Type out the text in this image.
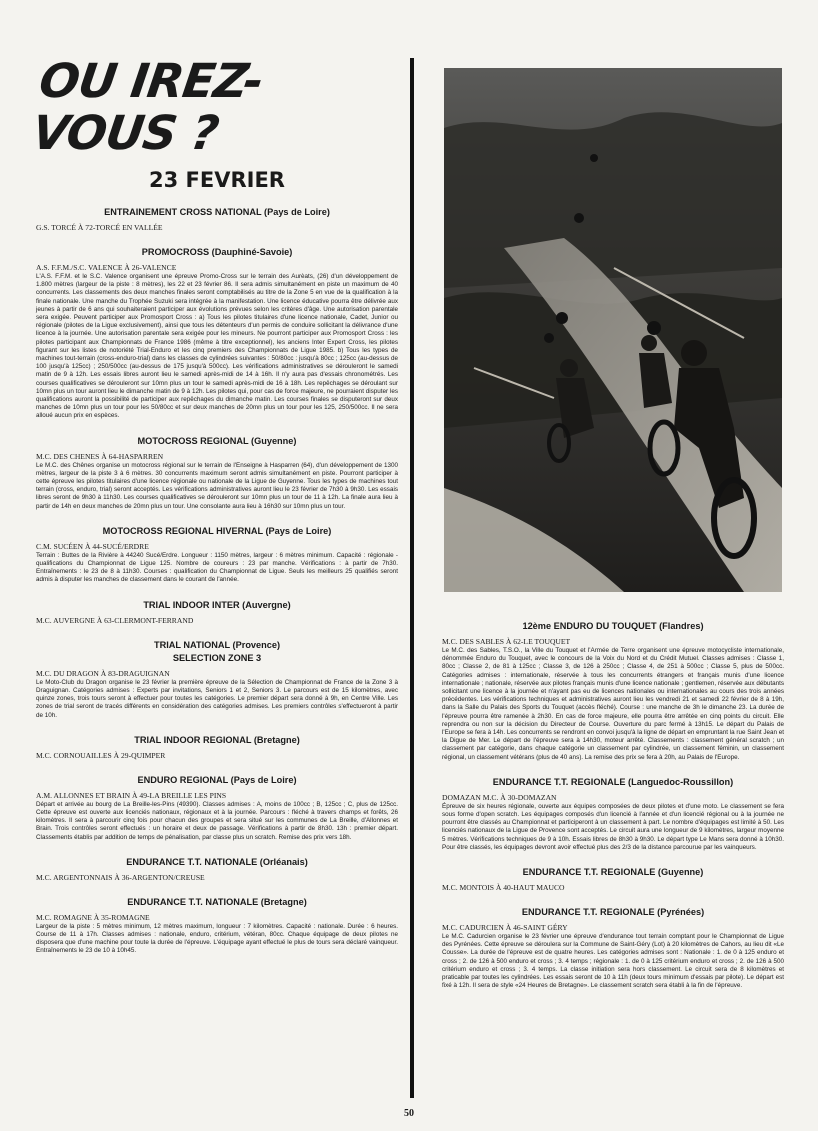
OU IREZ-VOUS ?
23 FEVRIER
ENTRAINEMENT CROSS NATIONAL (Pays de Loire)
G.S. TORCÉ À 72-TORCÉ EN VALLÉE
PROMOCROSS (Dauphiné-Savoie)
A.S. F.F.M./S.C. VALENCE À 26-VALENCE

L'A.S. F.F.M. et le S.C. Valence organisent une épreuve Promo-Cross sur le terrain des Aurèats, (26) d'un développement de 1.800 mètres (largeur de la piste : 8 mètres), les 22 et 23 février 86. Il sera admis simultanément en piste un maximum de 40 concurrents. Les classements des deux manches finales seront comptabilisés au titre de la Zone 5 en vue de la qualification à la finale nationale. Une manche du Trophée Suzuki sera intégrée à la manifestation. Une licence éducative pourra être délivrée aux jeunes à partir de 6 ans qui souhaiteraient participer aux évolutions prévues selon les critères d'âge. Une autorisation parentale sera exigée. Peuvent participer aux Promosport Cross : a) Tous les pilotes titulaires d'une licence nationale, Cadet, Junior ou régionale (pilotes de la Ligue exclusivement), ainsi que tous les détenteurs d'un permis de conduire sollicitant la délivrance d'une licence à la journée. Une autorisation parentale sera exigée pour les mineurs. Ne pourront participer aux Promosport Cross : les pilotes participant aux Championnats de France 1986 (même à titre exceptionnel), les anciens Inter Expert Cross, les pilotes figurant sur les listes de notoriété Trial-Enduro et les cinq premiers des Championnats de Ligue 1985. b) Tous les types de machines tout-terrain (cross-enduro-trial) dans les classes de cylindrées suivantes : 50/80cc : jusqu'à 80cc ; 125cc (au-dessus de 100 jusqu'à 125cc) ; 250/500cc (au-dessus de 175 jusqu'à 500cc). Les vérifications administratives se dérouleront le samedi matin de 9 à 12h. Les essais libres auront lieu le samedi après-midi de 14 à 16h. Il n'y aura pas d'essais chronométrés. Les courses qualificatives se dérouleront sur 10mn plus un tour le samedi après-midi de 16 à 18h. Les repêchages se déroulant sur 10mn plus un tour auront lieu le dimanche matin de 9 à 12h. Les pilotes qui, pour cas de force majeure, ne pourraient disputer les qualifications auront la possibilité de participer aux repêchages du dimanche matin. Les courses finales se disputeront sur deux manches de 10mn plus un tour pour les 50/80cc et sur deux manches de 20mn plus un tour pour les 125, 250/500cc. Il ne sera alloué aucun prix en espèces.

MOTOCROSS REGIONAL (Guyenne)
M.C. DES CHENES À 64-HASPARREN

Le M.C. des Chênes organise un motocross régional sur le terrain de l'Enseigne à Hasparren (64), d'un développement de 1300 mètres, largeur de la piste 3 à 6 mètres. 30 concurrents maximum seront admis simultanément en piste. Pourront participer à cette épreuve les pilotes titulaires d'une licence régionale ou nationale de la Ligue de Guyenne. Tous les types de machines tout terrain (cross, enduro, trial) seront acceptés. Les vérifications administratives auront lieu le 23 février de 7h30 à 9h30. Les essais libres seront de 9h30 à 11h30. Les courses qualificatives se dérouleront sur 10mn plus un tour de 11 à 12h. La finale aura lieu à partir de 14h en deux manches de 20mn plus un tour. Une consolante aura lieu à 16h30 sur 10mn plus un tour.

MOTOCROSS REGIONAL HIVERNAL (Pays de Loire)
C.M. SUCÉEN À 44-SUCÉ/ERDRE

Terrain : Buttes de la Rivière à 44240 Sucé/Erdre. Longueur : 1150 mètres, largeur : 6 mètres minimum. Capacité : régionale - qualifications du Championnat de Ligue 125. Nombre de coureurs : 23 par manche. Vérifications : à partir de 7h30. Entraînements : le 23 de 8 à 11h30. Courses : qualification du Championnat de Ligue. Seuls les meilleurs 25 qualifiés seront admis à disputer les manches de classement dans le courant de l'année.

TRIAL INDOOR INTER (Auvergne)
M.C. AUVERGNE À 63-CLERMONT-FERRAND
TRIAL NATIONAL (Provence)
SELECTION ZONE 3
M.C. DU DRAGON À 83-DRAGUIGNAN

Le Moto-Club du Dragon organise le 23 février la première épreuve de la Sélection de Championnat de France de la Zone 3 à Draguignan. Catégories admises : Experts par invitations, Seniors 1 et 2, Seniors 3. Le parcours est de 15 kilomètres, avec quinze zones, trois tours seront à effectuer pour toutes les catégories. Le premier départ sera donné à 9h, en Centre Ville. Les zones de trial seront de tracés différents en considération des catégories admises. Les premiers contrôles s'effectueront à partir de 10h.

TRIAL INDOOR REGIONAL (Bretagne)
M.C. CORNOUAILLES À 29-QUIMPER
ENDURO REGIONAL (Pays de Loire)
A.M. ALLONNES ET BRAIN À 49-LA BREILLE LES PINS

Départ et arrivée au bourg de La Breille-les-Pins (49390). Classes admises : A, moins de 100cc ; B, 125cc ; C, plus de 125cc. Cette épreuve est ouverte aux licenciés nationaux, régionaux et à la journée. Parcours : fléché à travers champs et forêts, 26 kilomètres. Il sera à parcourir cinq fois pour chacun des groupes et sera situé sur les communes de La Breille, d'Allonnes et Brain. Trois contrôles seront effectués : un horaire et deux de passage. Vérifications à partir de 8h30. 13h : premier départ. Classements établis par addition de temps de pénalisation, par classe plus un scratch. Remise des prix vers 18h.

ENDURANCE T.T. NATIONALE (Orléanais)
M.C. ARGENTONNAIS À 36-ARGENTON/CREUSE
ENDURANCE T.T. NATIONALE (Bretagne)
M.C. ROMAGNE À 35-ROMAGNE

Largeur de la piste : 5 mètres minimum, 12 mètres maximum, longueur : 7 kilomètres. Capacité : nationale. Durée : 6 heures. Course de 11 à 17h. Classes admises : nationale, enduro, critérium, vétéran, 80cc. Chaque équipage de deux pilotes ne disposera que d'une machine pour toute la durée de l'épreuve. L'équipage ayant effectué le plus de tours sera déclaré vainqueur. Entraînements le 23 de 10 à 10h45.

12ème ENDURO DU TOUQUET (Flandres)
M.C. DES SABLES À 62-LE TOUQUET

Le M.C. des Sables, T.S.O., la Ville du Touquet et l'Armée de Terre organisent une épreuve motocycliste internationale, dénommée Enduro du Touquet, avec le concours de la Voix du Nord et du Crédit Mutuel. Classes admises : Classe 1, 80cc ; Classe 2, de 81 à 125cc ; Classe 3, de 126 à 250cc ; Classe 4, de 251 à 500cc ; Classe 5, plus de 500cc. Catégories admises : internationale, réservée à tous les concurrents étrangers et français munis d'une licence internationale ; nationale, réservée aux pilotes français munis d'une licence nationale ; gentlemen, réservée aux débutants sollicitant une licence à la journée et n'ayant pas eu de licences nationales ou internationales au cours des trois années précédentes. Les vérifications techniques et administratives auront lieu les vendredi 21 et samedi 22 février de 8 à 19h, dans la Salle du Palais des Sports du Touquet (accès fléché). Course : une manche de 3h le dimanche 23. La durée de l'épreuve pourra être ramenée à 2h30. En cas de force majeure, elle pourra être arrêtée en cinq points du circuit. Elle reprendra ou non sur la décision du Directeur de Course. Ouverture du parc fermé à 13h15. Le départ du Palais de l'Europe se fera à 14h. Les concurrents se rendront en convoi jusqu'à la ligne de départ en empruntant la rue Saint Jean et la Digue de Mer. Le départ de l'épreuve sera à 14h30, moteur arrêté. Classements : classement général scratch ; un classement par catégorie, dans chaque catégorie un classement par cylindrée, un classement féminin, un classement régional, un classement vétérans (plus de 40 ans). La remise des prix se fera à 20h, au Palais de l'Europe.

ENDURANCE T.T. REGIONALE (Languedoc-Roussillon)
DOMAZAN M.C. À 30-DOMAZAN

Épreuve de six heures régionale, ouverte aux équipes composées de deux pilotes et d'une moto. Le classement se fera sous forme d'open scratch. Les équipages composés d'un licencié à l'année et d'un licencié régional ou à la journée ne pourront être classés au Championnat et participeront à un classement à part. Le nombre d'équipages est limité à 50. Les licenciés nationaux de la Ligue de Provence sont acceptés. Le circuit aura une longueur de 9 kilomètres, largeur moyenne 5 mètres. Vérifications techniques de 9 à 10h. Essais libres de 8h30 à 9h30. Le départ type Le Mans sera donné à 10h30. Pour être classés, les équipages devront avoir effectué plus des 2/3 de la distance parcourue par les vainqueurs.

ENDURANCE T.T. REGIONALE (Guyenne)
M.C. MONTOIS À 40-HAUT MAUCO
ENDURANCE T.T. REGIONALE (Pyrénées)
M.C. CADURCIEN À 46-SAINT GÉRY

Le M.C. Cadurcien organise le 23 février une épreuve d'endurance tout terrain comptant pour le Championnat de Ligue des Pyrénées. Cette épreuve se déroulera sur la Commune de Saint-Géry (Lot) à 20 kilomètres de Cahors, au lieu dit «Le Cousse». La durée de l'épreuve est de quatre heures. Les catégories admises sont : Nationale : 1. de 0 à 125 enduro et cross ; 2. de 126 à 500 enduro et cross ; 3. 4 temps ; régionale : 1. de 0 à 125 critérium enduro et cross ; 2. de 126 à 500 critérium enduro et cross ; 3. 4 temps. La classe initiation sera hors classement. Le circuit sera de 8 kilomètres et praticable par toutes les cylindrées. Les essais seront de 10 à 11h (deux tours minimum d'essais par pilote). Le départ est fixé à 12h. Il sera de style «24 Heures de Bretagne». Le classement scratch sera établi à la fin de l'épreuve.

50
